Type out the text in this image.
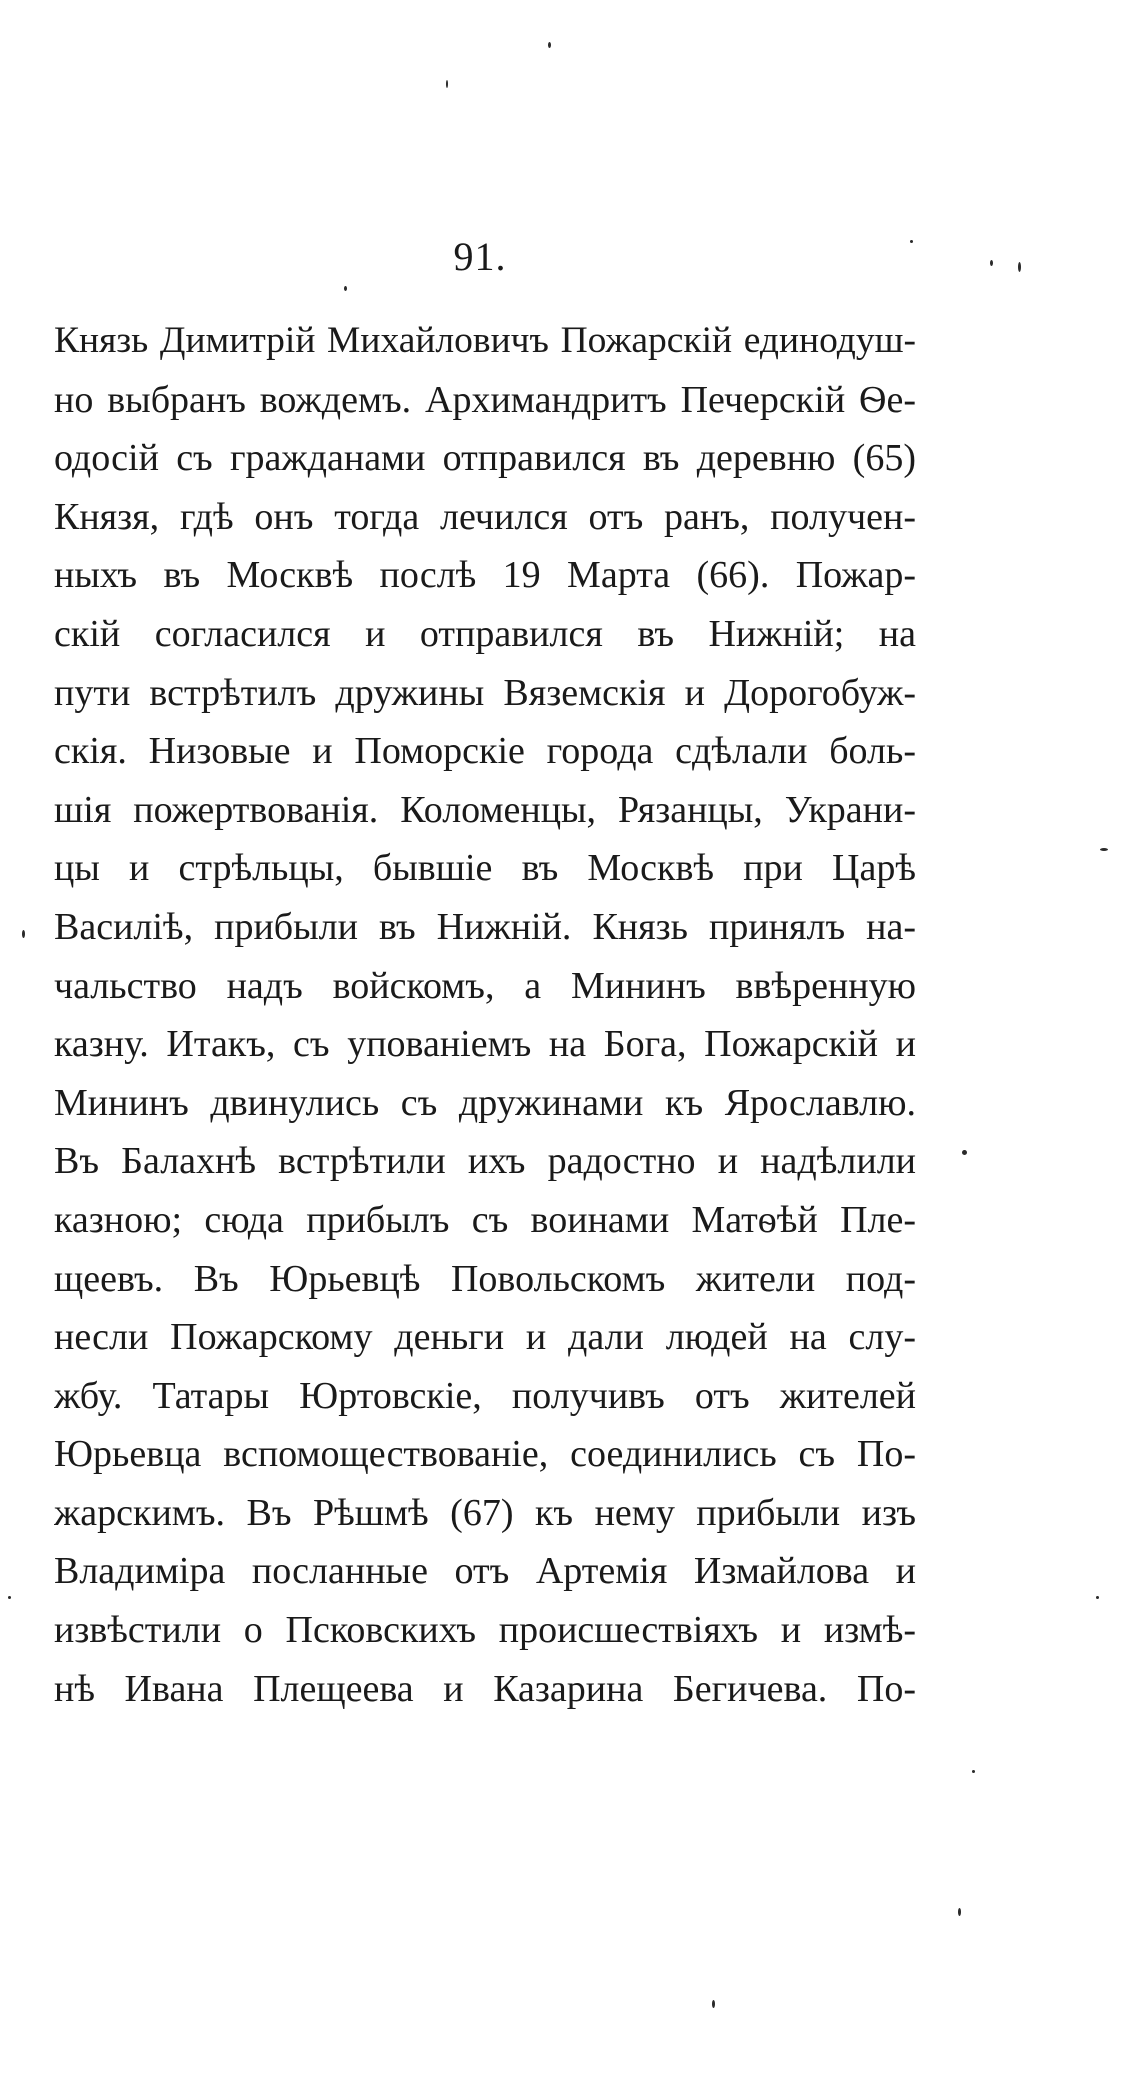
91.
Князь Димитрій Михайловичъ Пожарскій единодуш-
но выбранъ вождемъ. Архимандритъ Печерскій Ѳе-
одосій съ гражданами отправился въ деревню (65)
Князя, гдѣ онъ тогда лечился отъ ранъ, получен-
ныхъ въ Москвѣ послѣ 19 Марта (66). Пожар-
скій согласился и отправился въ Нижній; на
пути встрѣтилъ дружины Вяземскія и Дорогобуж-
скія. Низовые и Поморскіе города сдѣлали боль-
шія пожертвованія. Коломенцы, Рязанцы, Украни-
цы и стрѣльцы, бывшіе въ Москвѣ при Царѣ
Василіѣ, прибыли въ Нижній. Князь принялъ на-
чальство надъ войскомъ, а Мининъ ввѣренную
казну. Итакъ, съ упованіемъ на Бога, Пожарскій и
Мининъ двинулись съ дружинами къ Ярославлю.
Въ Балахнѣ встрѣтили ихъ радостно и надѣлили
казною; сюда прибылъ съ воинами Матѳѣй Пле-
щеевъ. Въ Юрьевцѣ Повольскомъ жители под-
несли Пожарскому деньги и дали людей на слу-
жбу. Татары Юртовскіе, получивъ отъ жителей
Юрьевца вспомоществованіе, соединились съ По-
жарскимъ. Въ Рѣшмѣ (67) къ нему прибыли изъ
Владиміра посланные отъ Артемія Измайлова и
извѣстили о Псковскихъ происшествіяхъ и измѣ-
нѣ Ивана Плещеева и Казарина Бегичева. По-
